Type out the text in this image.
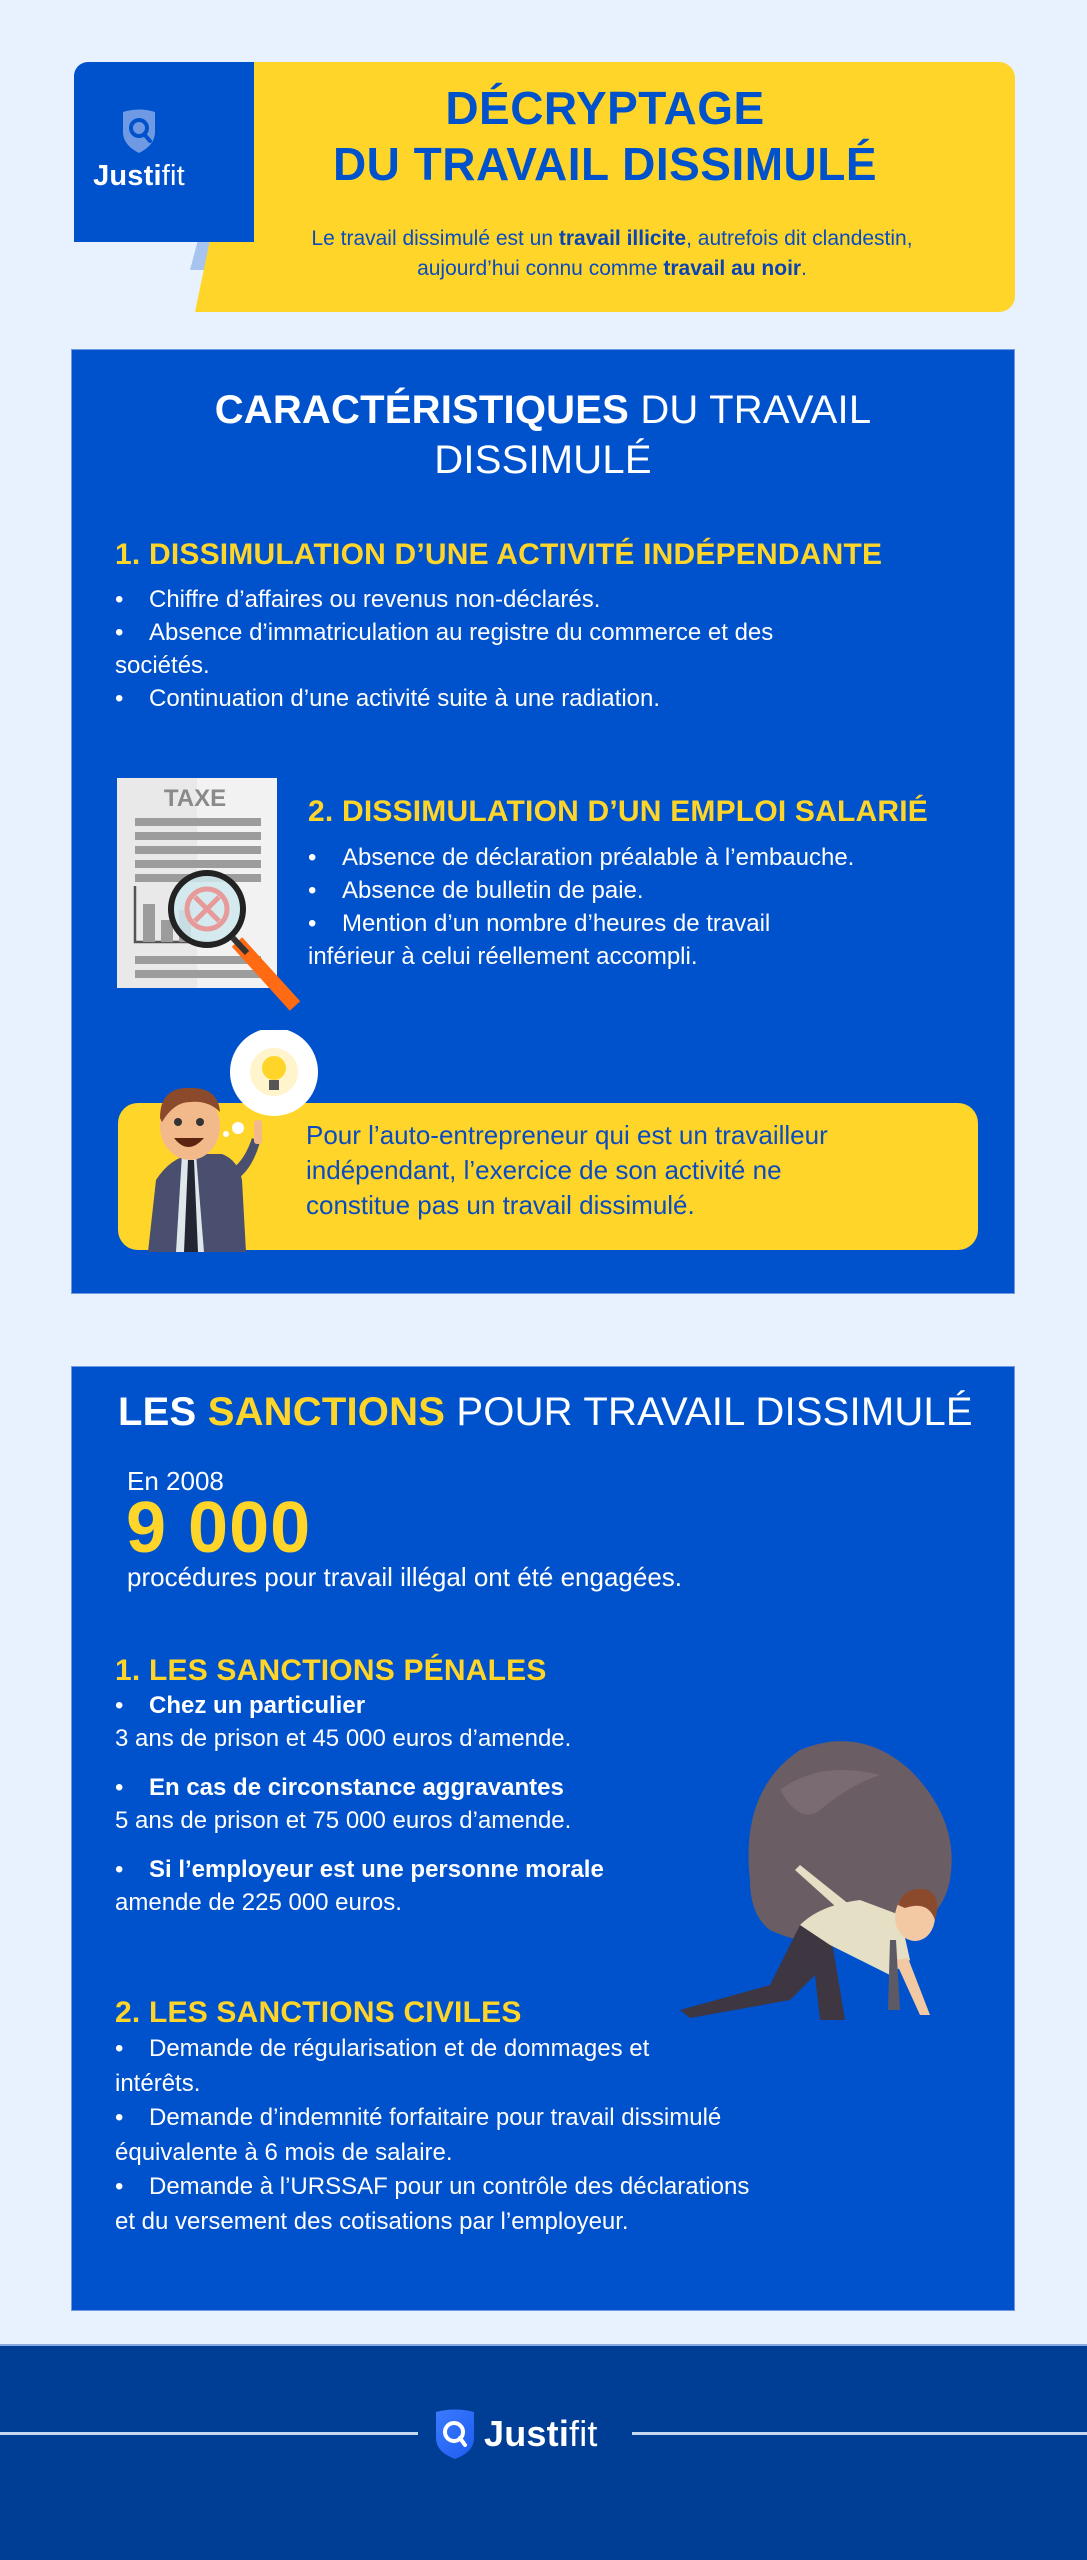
Justifit
DÉCRYPTAGE
DU TRAVAIL DISSIMULÉ
Le travail dissimulé est un travail illicite, autrefois dit clandestin,
aujourd’hui connu comme travail au noir.
CARACTÉRISTIQUES DU TRAVAIL
DISSIMULÉ
1. DISSIMULATION D’UNE ACTIVITÉ INDÉPENDANTE
• Chiffre d’affaires ou revenus non-déclarés.
• Absence d’immatriculation au registre du commerce et des
sociétés.
• Continuation d’une activité suite à une radiation.
TAXE	2. DISSIMULATION D’UN EMPLOI SALARIÉ
• Absence de déclaration préalable à l’embauche.
• Absence de bulletin de paie.
• Mention d’un nombre d’heures de travail
inférieur à celui réellement accompli.
Pour l’auto-entrepreneur qui est un travailleur
indépendant, l’exercice de son activité ne
constitue pas un travail dissimulé.
LES SANCTIONS POUR TRAVAIL DISSIMULÉ
En 2008
9 000
procédures pour travail illégal ont été engagées.
1. LES SANCTIONS PÉNALES
• Chez un particulier
3 ans de prison et 45 000 euros d’amende.
• En cas de circonstance aggravantes
5 ans de prison et 75 000 euros d’amende.
• Si l’employeur est une personne morale
amende de 225 000 euros.
2. LES SANCTIONS CIVILES
• Demande de régularisation et de dommages et
intérêts.
• Demande d’indemnité forfaitaire pour travail dissimulé
équivalente à 6 mois de salaire.
• Demande à l’URSSAF pour un contrôle des déclarations
et du versement des cotisations par l’employeur.
Justifit
